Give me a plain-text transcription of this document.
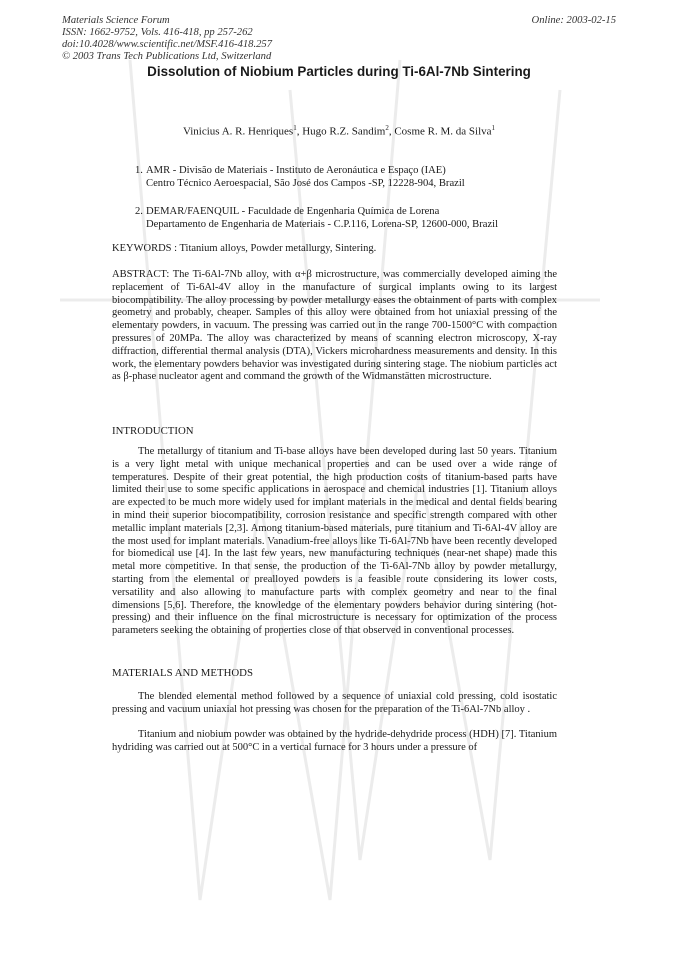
Materials Science Forum
ISSN: 1662-9752, Vols. 416-418, pp 257-262
doi:10.4028/www.scientific.net/MSF.416-418.257
© 2003 Trans Tech Publications Ltd, Switzerland
Online: 2003-02-15
Dissolution of Niobium Particles during Ti-6Al-7Nb Sintering
Vinicius A. R. Henriques$^1$, Hugo R.Z. Sandim$^2$, Cosme R. M. da Silva$^1$
1. AMR - Divisão de Materiais - Instituto de Aeronáutica e Espaço (IAE)
Centro Técnico Aeroespacial, São José dos Campos -SP, 12228-904, Brazil
2. DEMAR/FAENQUIL - Faculdade de Engenharia Química de Lorena
Departamento de Engenharia de Materiais - C.P.116, Lorena-SP, 12600-000, Brazil
KEYWORDS : Titanium alloys, Powder metallurgy, Sintering.
ABSTRACT: The Ti-6Al-7Nb alloy, with α+β microstructure, was commercially developed aiming the replacement of Ti-6Al-4V alloy in the manufacture of surgical implants owing to its largest biocompatibility. The alloy processing by powder metallurgy eases the obtainment of parts with complex geometry and probably, cheaper. Samples of this alloy were obtained from hot uniaxial pressing of the elementary powders, in vacuum. The pressing was carried out in the range 700-1500°C with compaction pressures of 20MPa. The alloy was characterized by means of scanning electron microscopy, X-ray diffraction, differential thermal analysis (DTA), Vickers microhardness measurements and density. In this work, the elementary powders behavior was investigated during sintering stage. The niobium particles act as β-phase nucleator agent and command the growth of the Widmanstätten microstructure.
INTRODUCTION
The metallurgy of titanium and Ti-base alloys have been developed during last 50 years. Titanium is a very light metal with unique mechanical properties and can be used over a wide range of temperatures. Despite of their great potential, the high production costs of titanium-based parts have limited their use to some specific applications in aerospace and chemical industries [1]. Titanium alloys are expected to be much more widely used for implant materials in the medical and dental fields bearing in mind their superior biocompatibility, corrosion resistance and specific strength compared with other metallic implant materials [2,3]. Among titanium-based materials, pure titanium and Ti-6Al-4V alloy are the most used for implant materials. Vanadium-free alloys like Ti-6Al-7Nb have been recently developed for biomedical use [4]. In the last few years, new manufacturing techniques (near-net shape) made this metal more competitive. In that sense, the production of the Ti-6Al-7Nb alloy by powder metallurgy, starting from the elemental or prealloyed powders is a feasible route considering its lower costs, versatility and also allowing to manufacture parts with complex geometry and near to the final dimensions [5,6]. Therefore, the knowledge of the elementary powders behavior during sintering (hot-pressing) and their influence on the final microstructure is necessary for optimization of the process parameters seeking the obtaining of properties close of that observed in conventional processes.
MATERIALS AND METHODS
The blended elemental method followed by a sequence of uniaxial cold pressing, cold isostatic pressing and vacuum uniaxial hot pressing was chosen for the preparation of the Ti-6Al-7Nb alloy .
Titanium and niobium powder was obtained by the hydride-dehydride process (HDH) [7]. Titanium hydriding was carried out at 500°C in a vertical furnace for 3 hours under a pressure of
